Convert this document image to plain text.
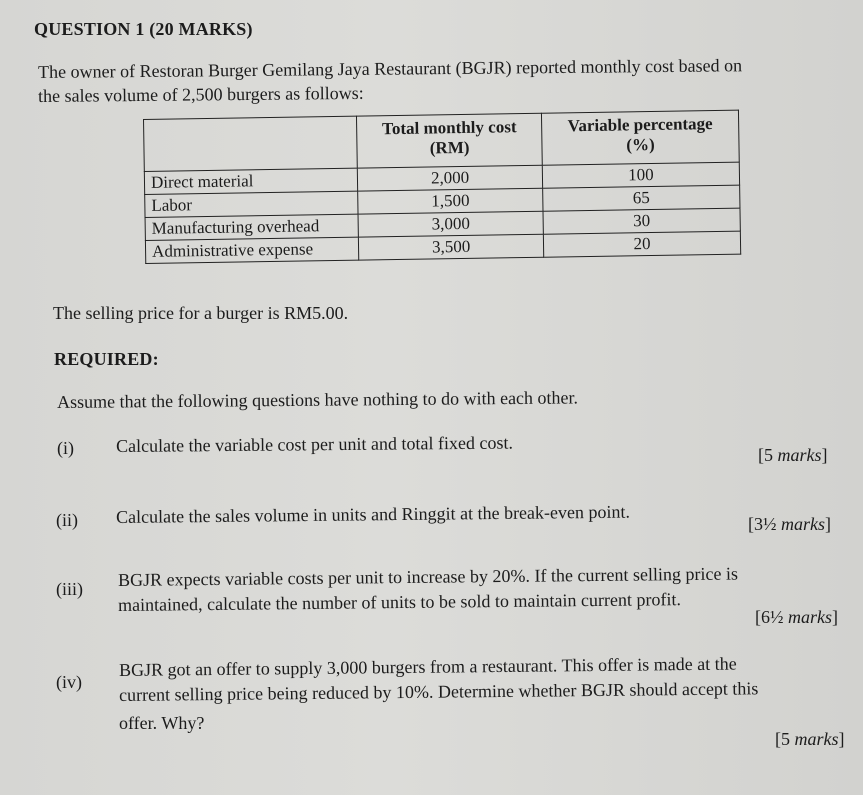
QUESTION 1 (20 MARKS)
The owner of Restoran Burger Gemilang Jaya Restaurant (BGJR) reported monthly cost based on
the sales volume of 2,500 burgers as follows:
	Total monthly cost (RM)	Variable percentage (%)
Direct material	2,000	100
Labor	1,500	65
Manufacturing overhead	3,000	30
Administrative expense	3,500	20
The selling price for a burger is RM5.00.
REQUIRED:
Assume that the following questions have nothing to do with each other.
(i) Calculate the variable cost per unit and total fixed cost.	[5 marks]
(ii) Calculate the sales volume in units and Ringgit at the break-even point.	[3½ marks]
(iii) BGJR expects variable costs per unit to increase by 20%. If the current selling price is
maintained, calculate the number of units to be sold to maintain current profit.
[6½ marks]
(iv)
BGJR got an offer to supply 3,000 burgers from a restaurant. This offer is made at the
current selling price being reduced by 10%. Determine whether BGJR should accept this
offer. Why?
[5 marks]
